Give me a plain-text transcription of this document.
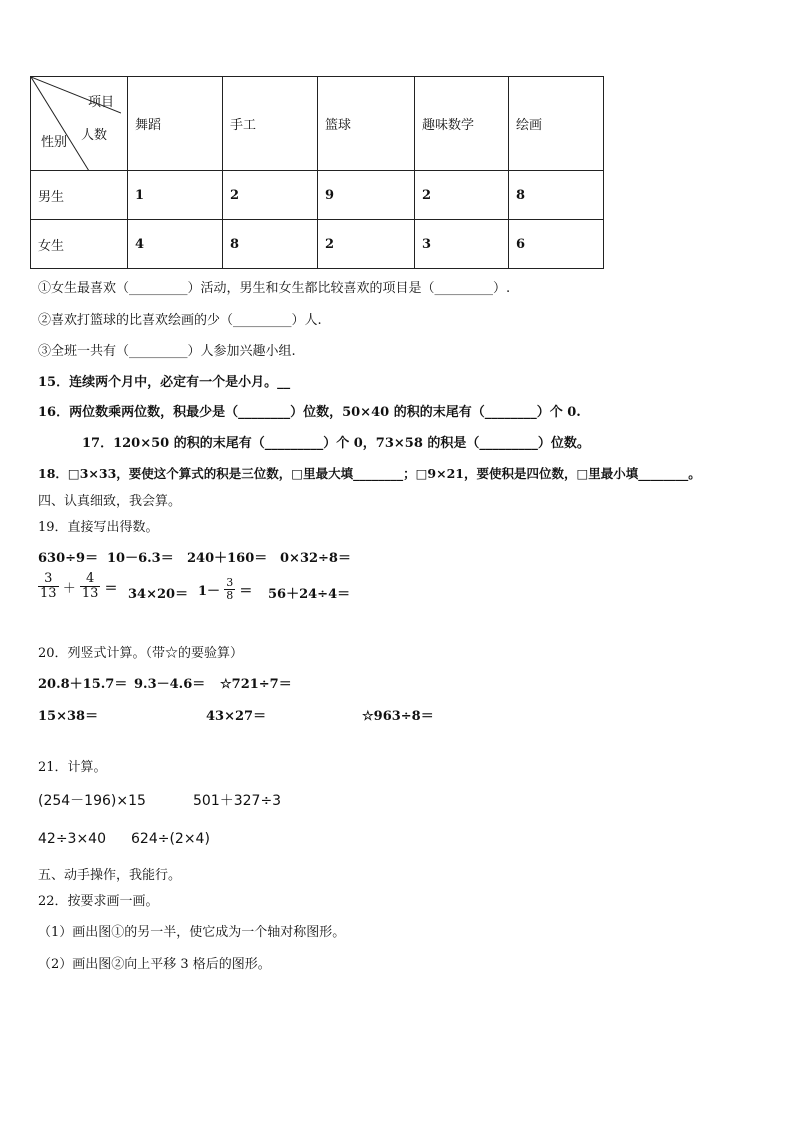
项目
人数
性别	舞蹈	手工	篮球	趣味数学	绘画
男生	1	2	9	2	8
女生	4	8	2	3	6
①女生最喜欢（_________）活动，男生和女生都比较喜欢的项目是（_________）.
②喜欢打篮球的比喜欢绘画的少（_________）人.
③全班一共有（_________）人参加兴趣小组.
15．连续两个月中，必定有一个是小月。__
16．两位数乘两位数，积最少是（________）位数，50×40 的积的末尾有（________）个 0.
17．120×50 的积的末尾有（_________）个 0，73×58 的积是（_________）位数。
18．□3×33，要使这个算式的积是三位数，□里最大填________；□9×21，要使积是四位数，□里最小填________。
四、认真细致，我会算。
19．直接写出得数。
630÷9＝ 10－6.3＝ 240＋160＝ 0×32÷8＝
$\frac{3}{13} + \frac{4}{13} = 34\times 20= 1- \frac{3}{8} = 56+24\div 4=$
20．列竖式计算。（带☆的要验算）
20.8＋15.7＝ 9.3－4.6＝ ☆721÷7＝
15×38＝	43×27＝	☆963÷8＝
21．计算。
(254－196)×15	501＋327÷3
42÷3×40 624÷(2×4)
五、动手操作，我能行。
22．按要求画一画。
（1）画出图①的另一半，使它成为一个轴对称图形。
（2）画出图②向上平移 3 格后的图形。
